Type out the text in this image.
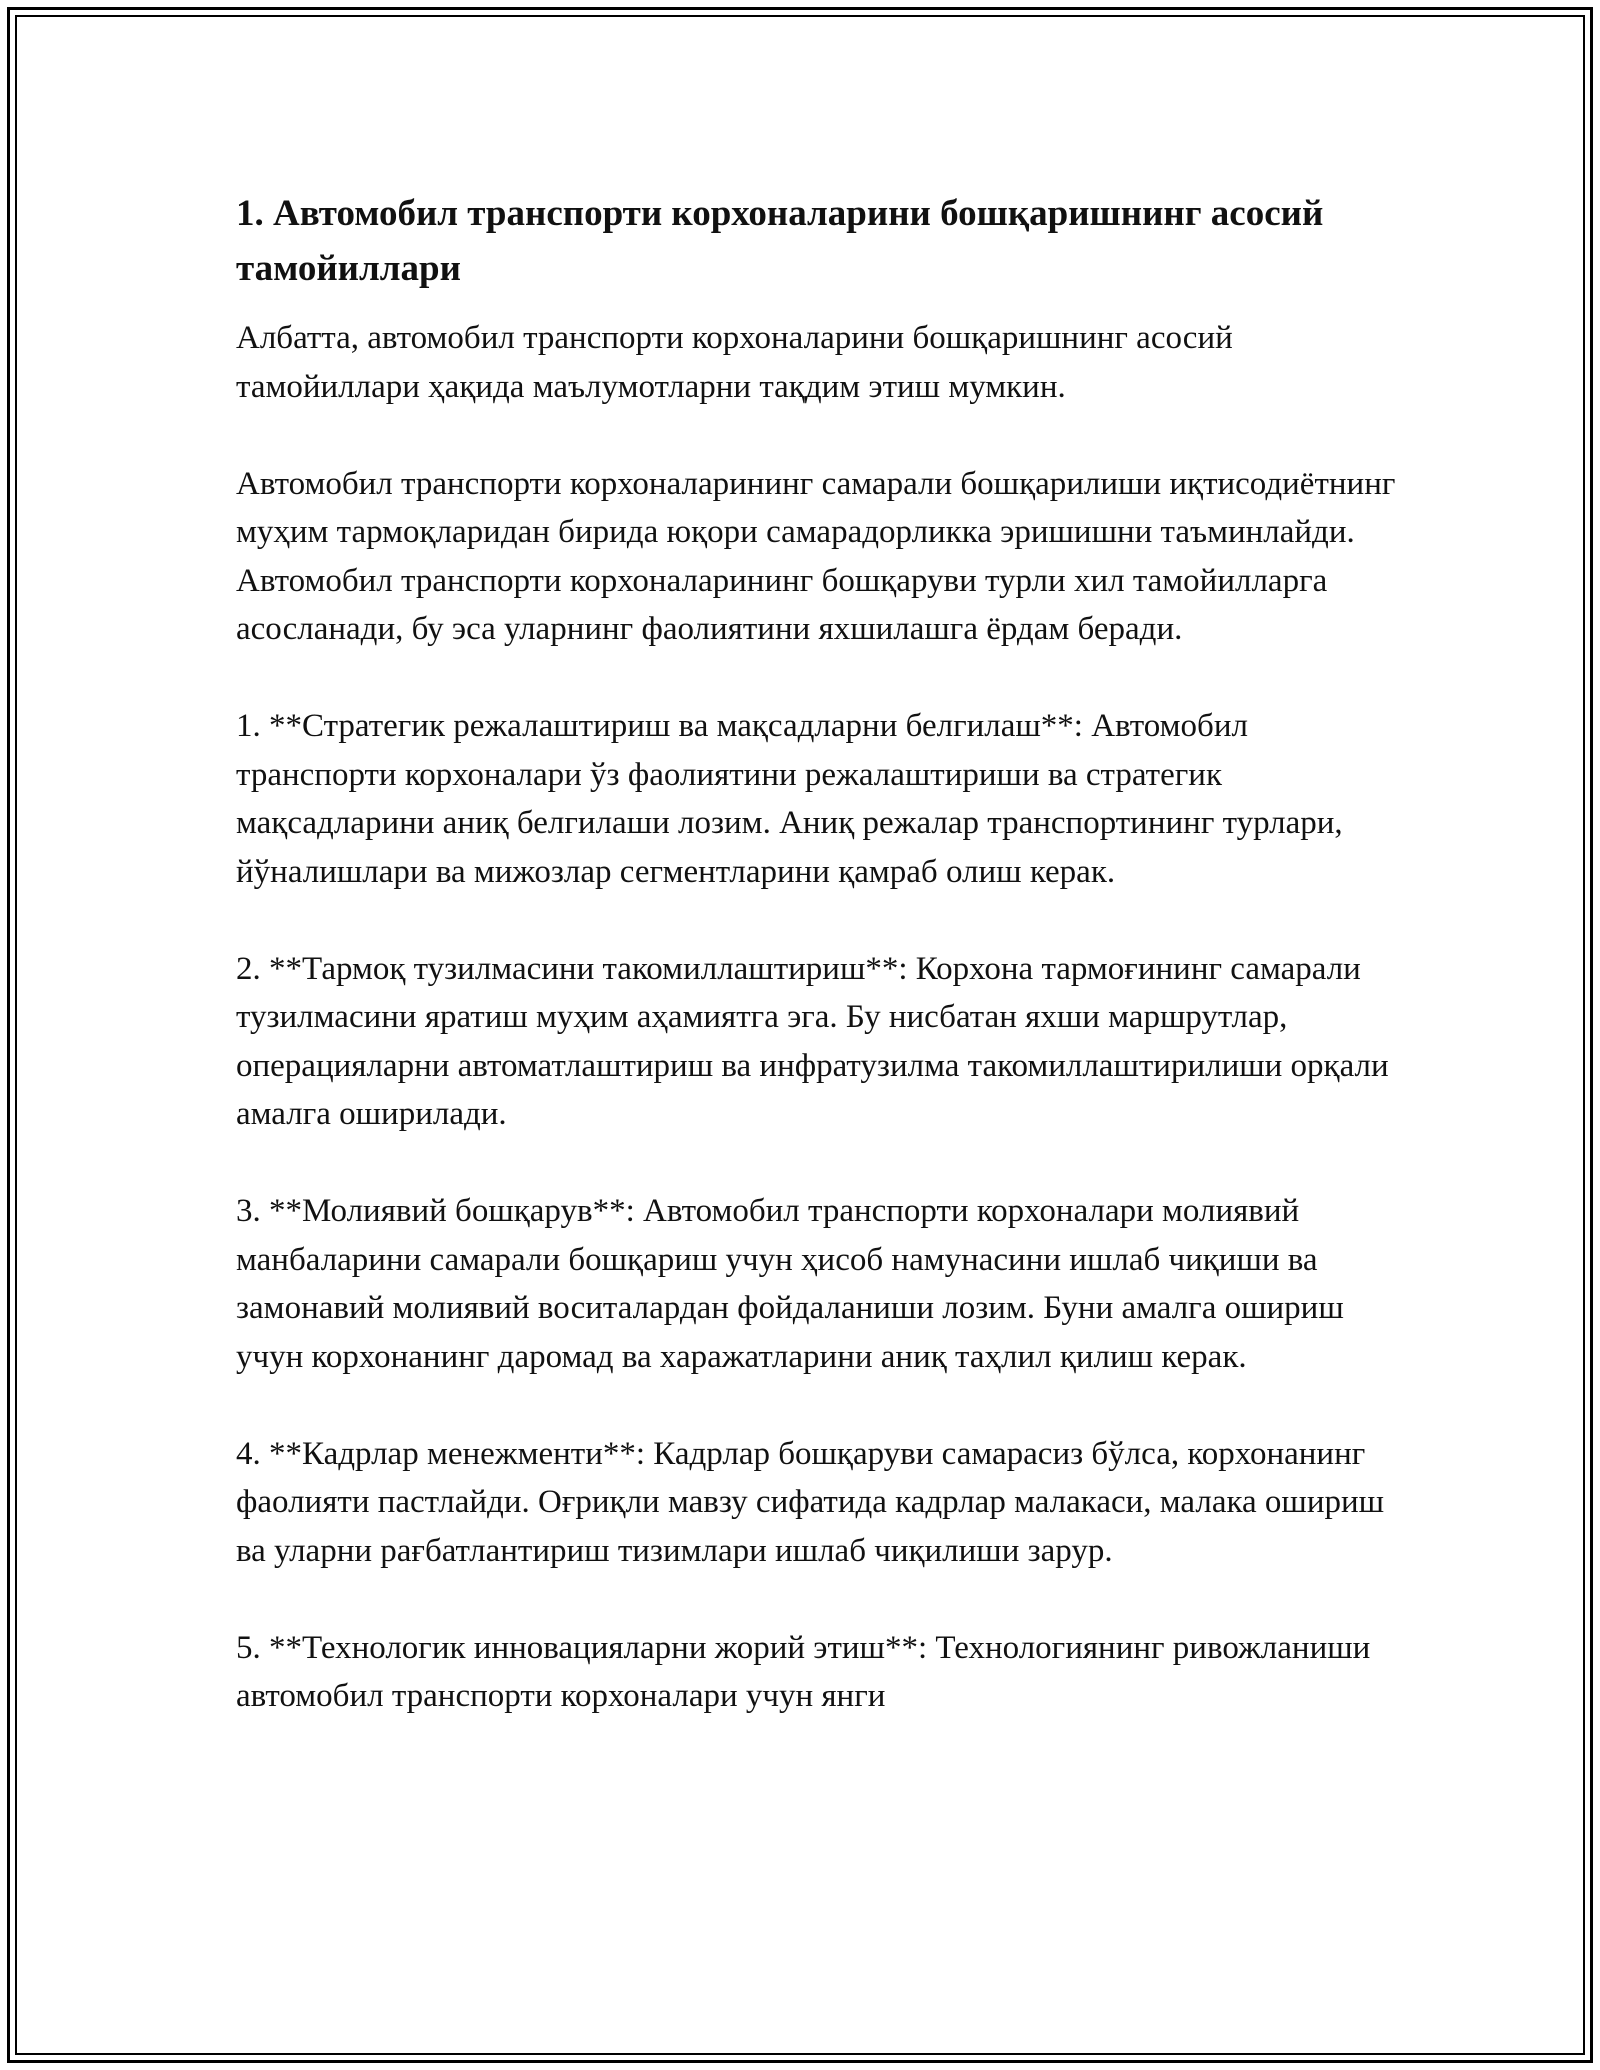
1. Автомобил транспорти корхоналарини бошқаришнинг асосий тамойиллари

Албатта, автомобил транспорти корхоналарини бошқаришнинг асосий тамойиллари ҳақида маълумотларни тақдим этиш мумкин.

Автомобил транспорти корхоналарининг самарали бошқарилиши иқтисодиётнинг муҳим тармоқларидан бирида юқори самарадорликка эришишни таъминлайди. Автомобил транспорти корхоналарининг бошқаруви турли хил тамойилларга асосланади, бу эса уларнинг фаолиятини яхшилашга ёрдам беради.

1. **Стратегик режалаштириш ва мақсадларни белгилаш**: Автомобил транспорти корхоналари ўз фаолиятини режалаштириши ва стратегик мақсадларини аниқ белгилаши лозим. Аниқ режалар транспортининг турлари, йўналишлари ва мижозлар сегментларини қамраб олиш керак.

2. **Тармоқ тузилмасини такомиллаштириш**: Корхона тармоғининг самарали тузилмасини яратиш муҳим аҳамиятга эга. Бу нисбатан яхши маршрутлар, операцияларни автоматлаштириш ва инфратузилма такомиллаштирилиши орқали амалга оширилади.

3. **Молиявий бошқарув**: Автомобил транспорти корхоналари молиявий манбаларини самарали бошқариш учун ҳисоб намунасини ишлаб чиқиши ва замонавий молиявий воситалардан фойдаланиши лозим. Буни амалга ошириш учун корхонанинг даромад ва харажатларини аниқ таҳлил қилиш керак.

4. **Кадрлар менежменти**: Кадрлар бошқаруви самарасиз бўлса, корхонанинг фаолияти пастлайди. Оғриқли мавзу сифатида кадрлар малакаси, малака ошириш ва уларни рағбатлантириш тизимлари ишлаб чиқилиши зарур.

5. **Технологик инновацияларни жорий этиш**: Технологиянинг ривожланиши автомобил транспорти корхоналари учун янги
